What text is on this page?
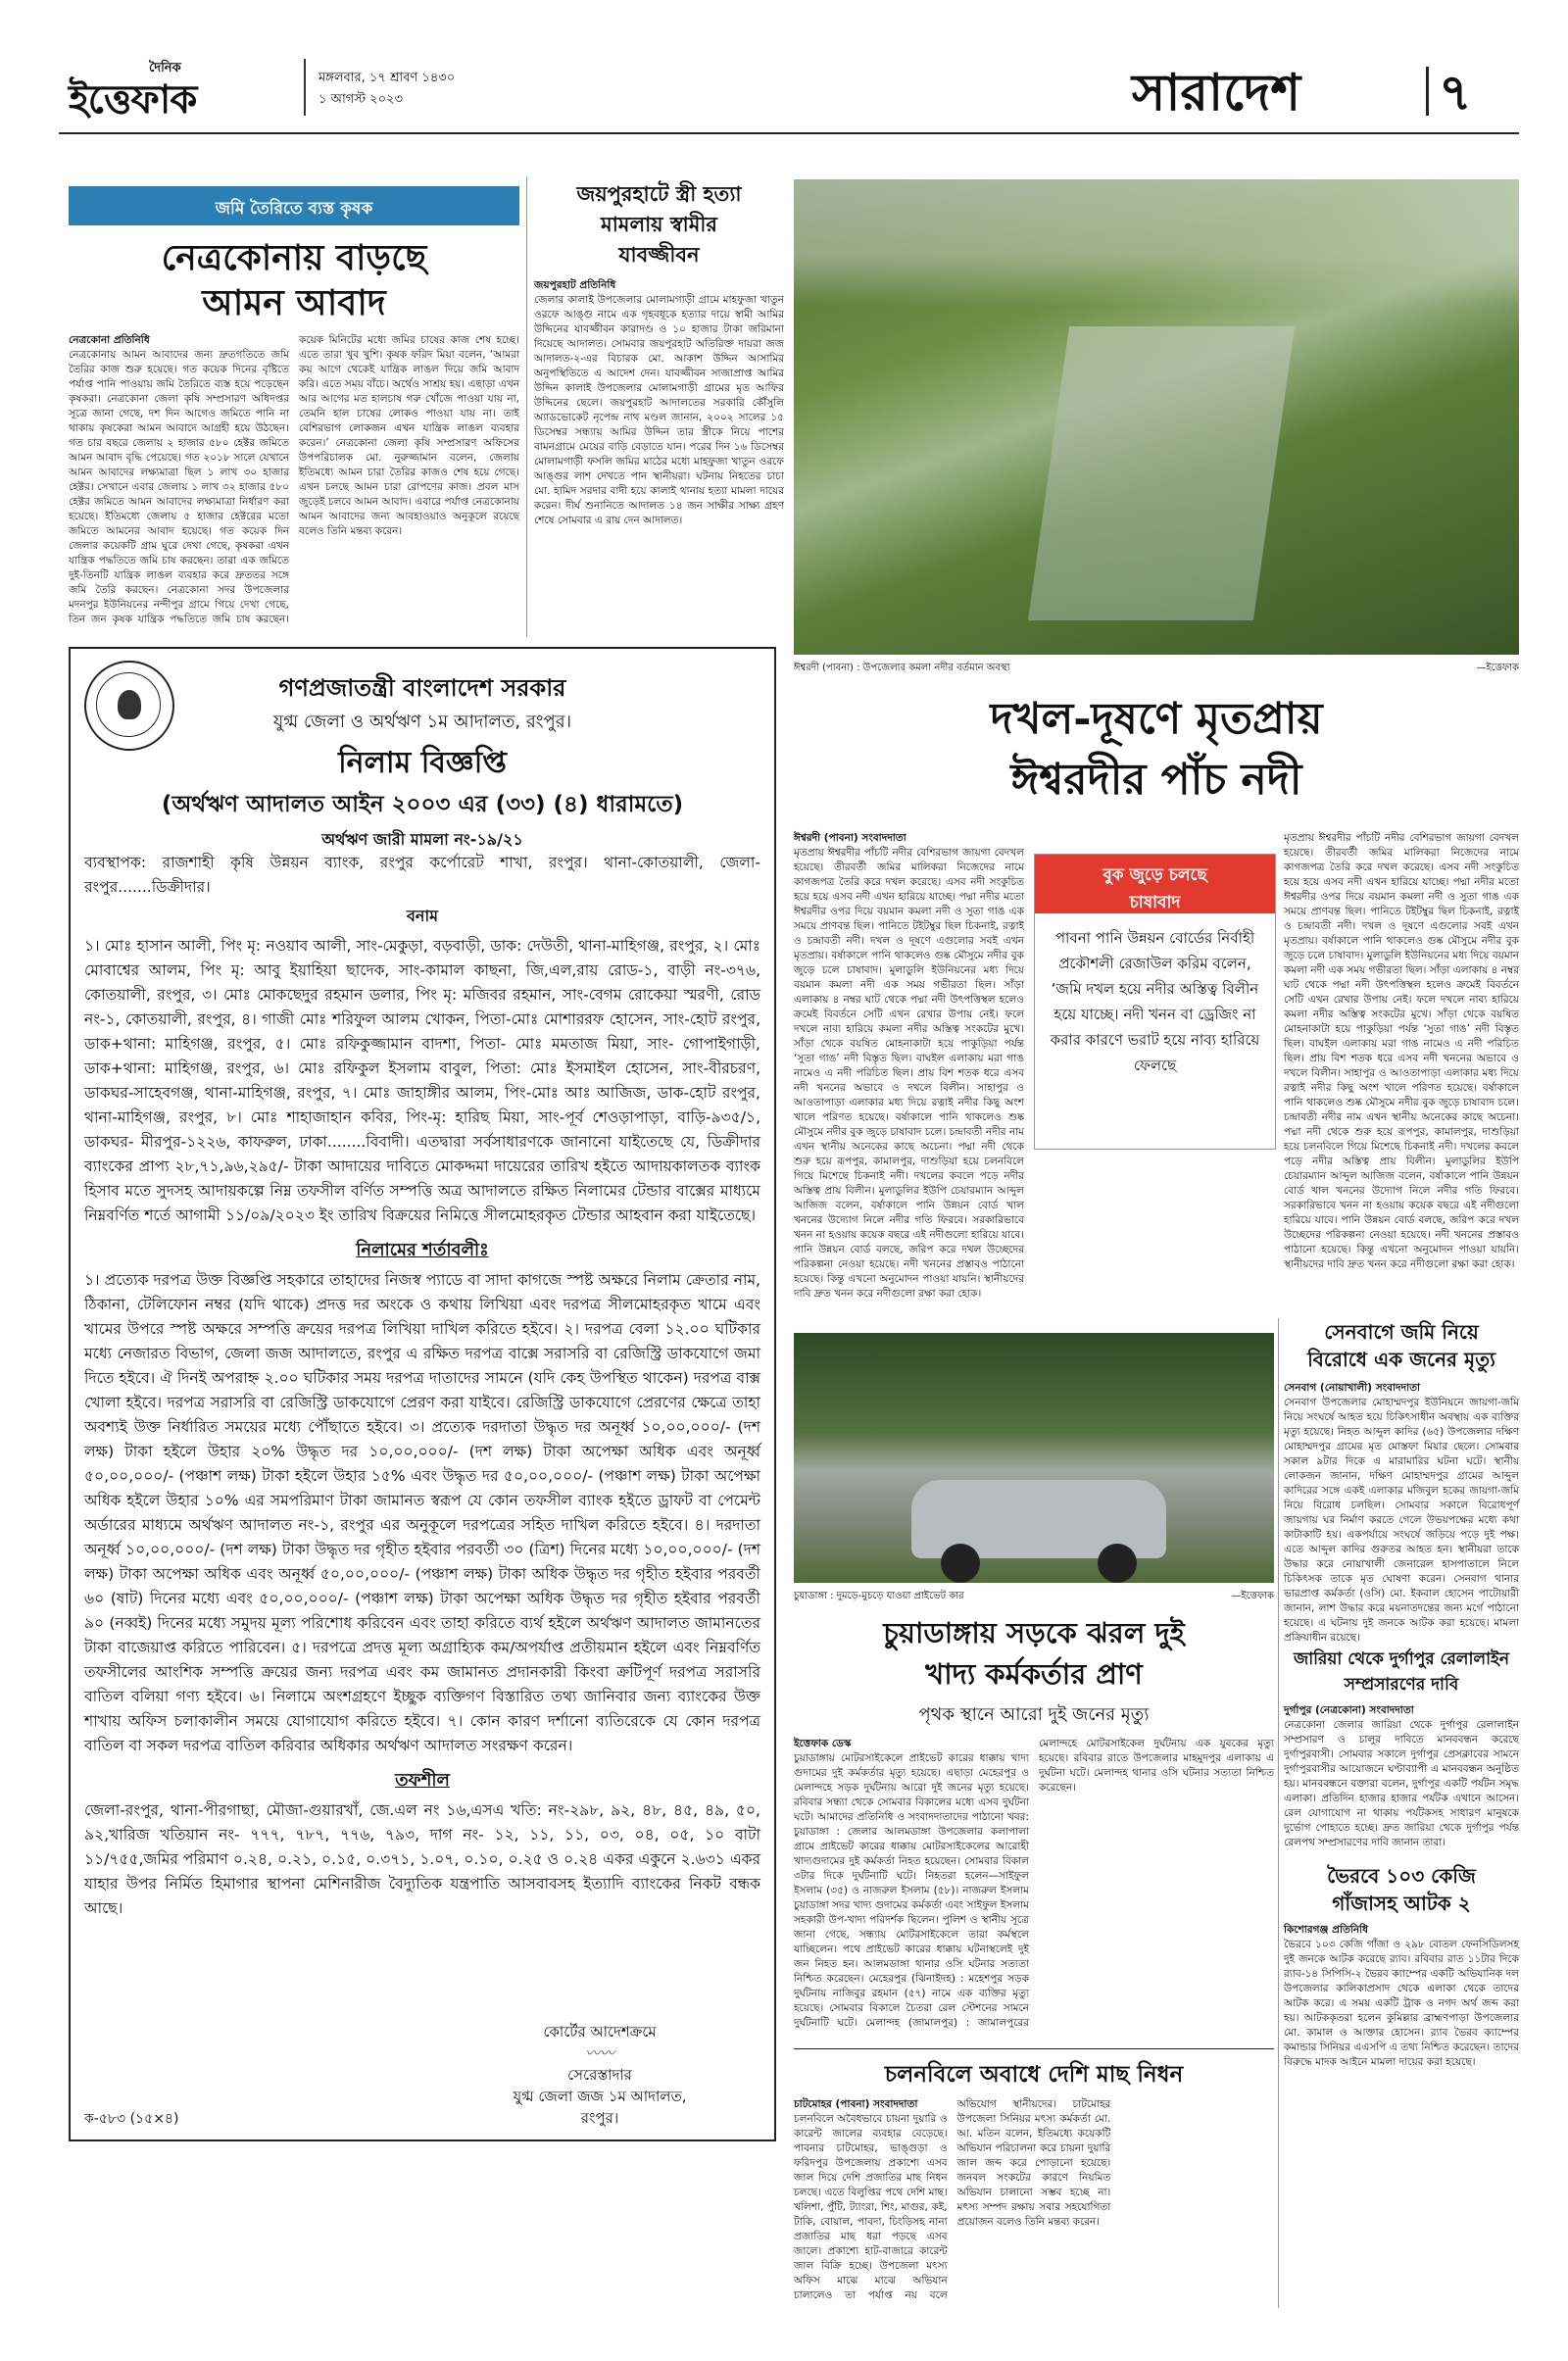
দৈনিক
ইত্তেফাক	মঙ্গলবার, ১৭ শ্রাবণ ১৪৩০
১ আগস্ট ২০২৩	সারাদেশ	৭
জমি তৈরিতে ব্যস্ত কৃষক
নেত্রকোনায় বাড়ছে
আমন আবাদ
নেত্রকোনা প্রতিনিধি
নেত্রকোনায় আমন আবাদের জন্য দ্রুতগতিতে জমি তৈরির কাজ শুরু হয়েছে। গত কয়েক দিনের বৃষ্টিতে পর্যাপ্ত পানি পাওয়ায় জমি তৈরিতে ব্যস্ত হয়ে পড়েছেন কৃষকরা। নেত্রকোনা জেলা কৃষি সম্প্রসারণ অধিদপ্তর সূত্রে জানা গেছে, দশ দিন আগেও জমিতে পানি না থাকায় কৃষকেরা আমন আবাদে আগ্রহী হয়ে উঠছেন। গত চার বছরে জেলায় ২ হাজার ৫৮০ হেক্টর জমিতে আমন আবাদ বৃদ্ধি পেয়েছে। গত ২০১৮ সালে যেখানে আমন আবাদের লক্ষ্যমাত্রা ছিল ১ লাখ ৩০ হাজার হেক্টর। সেখানে এবার জেলায় ১ লাখ ৩২ হাজার ৫৮০ হেক্টর জমিতে আমন আবাদের লক্ষ্যমাত্রা নির্ধারণ করা হয়েছে। ইতিমধ্যে জেলায় ৫ হাজার হেক্টরের মতো জমিতে আমনের আবাদ হয়েছে। গত কয়েক দিন জেলার কয়েকটি গ্রাম ঘুরে দেখা গেছে, কৃষকরা এখন যান্ত্রিক পদ্ধতিতে জমি চাষ করছেন। তারা এক জমিতে দুই-তিনটি যান্ত্রিক লাঙল ব্যবহার করে দ্রুততর সঙ্গে জমি তৈরি করছেন। নেত্রকোনা সদর উপজেলার মদনপুর ইউনিয়নের নন্দীপুর গ্রামে গিয়ে দেখা গেছে, তিন জন কৃষক যান্ত্রিক পদ্ধতিতে জমি চাষ করছেন। কয়েক মিনিটের মধ্যে জমির চাষের কাজ শেষ হচ্ছে। এতে তারা খুব খুশি। কৃষক ফরিদ মিয়া বলেন, ‘আমরা কয় আগে থেকেই যান্ত্রিক লাঙল দিয়ে জমি আবাদ করি। এতে সময় বাঁচে। অর্থেও সাশ্রয় হয়। এছাড়া এখন আর আগের মত হালচাষ গরু খোঁজে পাওয়া যায় না, তেমনি হাল চাষের লোকও পাওয়া যায় না। তাই বেশিরভাগ লোকজন এখন যান্ত্রিক লাঙল ব্যবহার করেন।’ নেত্রকোনা জেলা কৃষি সম্প্রসারণ অফিসের উপপরিচালক মো. নুরুজ্জামান বলেন, জেলায় ইতিমধ্যে আমন চারা তৈরির কাজও শেষ হয়ে গেছে। এখন চলছে আমন চারা রোপণের কাজ। প্রবল মাস জুড়েই চলবে আমন আবাদ। এবারে পর্যাপ্ত নেত্রকোনায় আমন আবাদের জন্য আবহাওয়াও অনুকূলে রয়েছে বলেও তিনি মন্তব্য করেন।
জয়পুরহাটে স্ত্রী হত্যা
মামলায় স্বামীর
যাবজ্জীবন
জয়পুরহাট প্রতিনিধি
জেলার কালাই উপজেলার মোলামগাড়ী গ্রামে মাহফুজা খাতুন ওরফে আঙ্গু নামে এক গৃহবধূকে হত্যার দায়ে স্বামী আমির উদ্দিনের যাবজ্জীবন কারাদণ্ড ও ১০ হাজার টাকা জরিমানা দিয়েছে আদালত। সোমবার জয়পুরহাট অতিরিক্ত দায়রা জজ আদালত-২-এর বিচারক মো. আকাশ উদ্দিন আসামির অনুপস্থিতিতে এ আদেশ দেন। যাবজ্জীবন সাজাপ্রাপ্ত আমির উদ্দিন কালাই উপজেলার মোলামগাড়ী গ্রামের মৃত আফির উদ্দিনের ছেলে। জয়পুরহাট আদালতের সরকারি কৌঁসুলি অ্যাডভোকেট নৃপেন্দ্র নাথ মণ্ডল জানান, ২০০২ সালের ১৫ ডিসেম্বর সন্ধ্যায় আমির উদ্দিন তার স্ত্রীকে নিয়ে পাশের বামনগ্রামে মেয়ের বাড়ি বেড়াতে যান। পরের দিন ১৬ ডিসেম্বর মোলামগাড়ী ফসলি জমির মাঠের মধ্যে মাহফুজা খাতুন ওরফে আঙ্গুর লাশ দেখতে পান স্থানীয়রা। ঘটনায় নিহতের চাচা মো. হামিদ সরদার বাদী হয়ে কালাই থানায় হত্যা মামলা দায়ের করেন। দীর্ঘ শুনানিতে আদালত ১৪ জন সাক্ষীর সাক্ষ্য গ্রহণ শেষে সোমবার এ রায় দেন আদালত।
ঈশ্বরদী (পাবনা) : উপজেলার কমলা নদীর বর্তমান অবস্থা	—ইত্তেফাক
দখল-দূষণে মৃতপ্রায়
ঈশ্বরদীর পাঁচ নদী
ঈশ্বরদী (পাবনা) সংবাদদাতা
মৃতপ্রায় ঈশ্বরদীর পাঁচটি নদীর বেশিরভাগ জায়গা বেদখল হয়েছে। তীরবর্তী জমির মালিকরা নিজেদের নামে কাগজপত্র তৈরি করে দখল করেছে। এসব নদী সংকুচিত হয়ে হয়ে এসব নদী এখন হারিয়ে যাচ্ছে। পদ্মা নদীর মতো ঈশ্বরদীর ওপর দিয়ে বয়মান কমলা নদী ও সুতা গাঙ এক সময়ে প্রাণবন্ত ছিল। পানিতে টইটম্বুর ছিল চিকনাই, রত্নাই ও চন্দ্রাবতী নদী। দখল ও দূষণে এগুলোর সবই এখন মৃতপ্রায়। বর্ষাকালে পানি থাকলেও গুষ্ক মৌসুমে নদীর বুক জুড়ে চলে চাষাবাদ। মুলাডুলি ইউনিয়নের মধ্য দিয়ে বয়মান কমলা নদী এক সময় গভীরতা ছিল। সাঁড়া এলাকায় ৪ নম্বর ঘাট থেকে পদ্মা নদী উৎপত্তিস্থল হলেও ক্রমেই বিবর্তনে সেটি এখন রেখার উপায় নেই। ফলে দখলে নাব্য হারিয়ে কমলা নদীর অস্তিত্ব সংকটের মুখে। সাঁড়া থেকে বয়ষিত মোহনাকাটা হয়ে পাকুড়িয়া পর্যন্ত ‘সুতা গাঙ’ নদী বিস্তৃত ছিল। বাঘইল এলাকায় মরা গাঙ নামেও এ নদী পরিচিত ছিল। প্রায় বিশ শতক ধরে এসব নদী খননের অভাবে ও দখলে বিলীন। সাহাপুর ও আওতাপাড়া এলাকার মধ্য দিয়ে রত্নাই নদীর কিছু অংশ খালে পরিণত হয়েছে। বর্ষাকালে পানি থাকলেও শুষ্ক মৌসুমে নদীর বুক জুড়ে চাষাবাদ চলে। চন্দ্রাবতী নদীর নাম এখন স্থানীয় অনেকের কাছে অচেনা। পদ্মা নদী থেকে শুরু হয়ে রূপপুর, কামালপুর, দাশুড়িয়া হয়ে চলনবিলে গিয়ে মিশেছে চিকনাই নদী। দখলের কবলে পড়ে নদীর অস্তিত্ব প্রায় বিলীন। মুলাডুলির ইউপি চেয়ারম্যান আব্দুল আজিজ বলেন, বর্ষাকালে পানি উন্নয়ন বোর্ড খাল খননের উদ্যোগ নিলে নদীর গতি ফিরবে। সরকারিভাবে খনন না হওয়ায় কয়েক বছরে এই নদীগুলো হারিয়ে যাবে। পানি উন্নয়ন বোর্ড বলছে, জরিপ করে দখল উচ্ছেদের পরিকল্পনা নেওয়া হয়েছে। নদী খননের প্রস্তাবও পাঠানো হয়েছে। কিন্তু এখনো অনুমোদন পাওয়া যায়নি। স্থানীয়দের দাবি দ্রুত খনন করে নদীগুলো রক্ষা করা হোক।
বুক জুড়ে চলছে
চাষাবাদ
পাবনা পানি উন্নয়ন বোর্ডের নির্বাহী প্রকৌশলী রেজাউল করিম বলেন, ‘জমি দখল হয়ে নদীর অস্তিত্ব বিলীন হয়ে যাচ্ছে। নদী খনন বা ড্রেজিং না করার কারণে ভরাট হয়ে নাব্য হারিয়ে ফেলছে
মৃতপ্রায় ঈশ্বরদীর পাঁচটি নদীর বেশিরভাগ জায়গা বেদখল হয়েছে। তীরবর্তী জমির মালিকরা নিজেদের নামে কাগজপত্র তৈরি করে দখল করেছে। এসব নদী সংকুচিত হয়ে হয়ে এসব নদী এখন হারিয়ে যাচ্ছে। পদ্মা নদীর মতো ঈশ্বরদীর ওপর দিয়ে বয়মান কমলা নদী ও সুতা গাঙ এক সময়ে প্রাণবন্ত ছিল। পানিতে টইটম্বুর ছিল চিকনাই, রত্নাই ও চন্দ্রাবতী নদী। দখল ও দূষণে এগুলোর সবই এখন মৃতপ্রায়। বর্ষাকালে পানি থাকলেও গুষ্ক মৌসুমে নদীর বুক জুড়ে চলে চাষাবাদ। মুলাডুলি ইউনিয়নের মধ্য দিয়ে বয়মান কমলা নদী এক সময় গভীরতা ছিল। সাঁড়া এলাকায় ৪ নম্বর ঘাট থেকে পদ্মা নদী উৎপত্তিস্থল হলেও ক্রমেই বিবর্তনে সেটি এখন রেখার উপায় নেই। ফলে দখলে নাব্য হারিয়ে কমলা নদীর অস্তিত্ব সংকটের মুখে। সাঁড়া থেকে বয়ষিত মোহনাকাটা হয়ে পাকুড়িয়া পর্যন্ত ‘সুতা গাঙ’ নদী বিস্তৃত ছিল। বাঘইল এলাকায় মরা গাঙ নামেও এ নদী পরিচিত ছিল। প্রায় বিশ শতক ধরে এসব নদী খননের অভাবে ও দখলে বিলীন। সাহাপুর ও আওতাপাড়া এলাকার মধ্য দিয়ে রত্নাই নদীর কিছু অংশ খালে পরিণত হয়েছে। বর্ষাকালে পানি থাকলেও শুষ্ক মৌসুমে নদীর বুক জুড়ে চাষাবাদ চলে। চন্দ্রাবতী নদীর নাম এখন স্থানীয় অনেকের কাছে অচেনা। পদ্মা নদী থেকে শুরু হয়ে রূপপুর, কামালপুর, দাশুড়িয়া হয়ে চলনবিলে গিয়ে মিশেছে চিকনাই নদী। দখলের কবলে পড়ে নদীর অস্তিত্ব প্রায় বিলীন। মুলাডুলির ইউপি চেয়ারম্যান আব্দুল আজিজ বলেন, বর্ষাকালে পানি উন্নয়ন বোর্ড খাল খননের উদ্যোগ নিলে নদীর গতি ফিরবে। সরকারিভাবে খনন না হওয়ায় কয়েক বছরে এই নদীগুলো হারিয়ে যাবে। পানি উন্নয়ন বোর্ড বলছে, জরিপ করে দখল উচ্ছেদের পরিকল্পনা নেওয়া হয়েছে। নদী খননের প্রস্তাবও পাঠানো হয়েছে। কিন্তু এখনো অনুমোদন পাওয়া যায়নি। স্থানীয়দের দাবি দ্রুত খনন করে নদীগুলো রক্ষা করা হোক।
গণপ্রজাতন্ত্রী বাংলাদেশ সরকার
যুগ্ম জেলা ও অর্থঋণ ১ম আদালত, রংপুর।
নিলাম বিজ্ঞপ্তি
(অর্থঋণ আদালত আইন ২০০৩ এর (৩৩) (৪) ধারামতে)
অর্থঋণ জারী মামলা নং-১৯/২১

ব্যবস্থাপক: রাজশাহী কৃষি উন্নয়ন ব্যাংক, রংপুর কর্পোরেট শাখা, রংপুর। থানা-কোতয়ালী, জেলা-রংপুর.......ডিক্রীদার।

বনাম

১। মোঃ হাসান আলী, পিং মৃ: নওয়াব আলী, সাং-মেকুড়া, বড়বাড়ী, ডাক: দেউতী, থানা-মাহিগঞ্জ, রংপুর, ২। মোঃ মোবাশ্বের আলম, পিং মৃ: আবু ইয়াহিয়া ছাদেক, সাং-কামাল কাছনা, জি,এল,রায় রোড-১, বাড়ী নং-৩৭৬, কোতয়ালী, রংপুর, ৩। মোঃ মোকছেদুর রহমান ডলার, পিং মৃ: মজিবর রহমান, সাং-বেগম রোকেয়া স্মরণী, রোড নং-১, কোতয়ালী, রংপুর, ৪। গাজী মোঃ শরিফুল আলম খোকন, পিতা-মোঃ মোশাররফ হোসেন, সাং-হোট রংপুর, ডাক+থানা: মাহিগঞ্জ, রংপুর, ৫। মোঃ রফিকুজ্জামান বাদশা, পিতা- মোঃ মমতাজ মিয়া, সাং- গোপাইগাড়ী, ডাক+থানা: মাহিগঞ্জ, রংপুর, ৬। মোঃ রফিকুল ইসলাম বাবুল, পিতা: মোঃ ইসমাইল হোসেন, সাং-বীরচরণ, ডাকঘর-সাহেবগঞ্জ, থানা-মাহিগঞ্জ, রংপুর, ৭। মোঃ জাহাঙ্গীর আলম, পিং-মোঃ আঃ আজিজ, ডাক-হোট রংপুর, থানা-মাহিগঞ্জ, রংপুর, ৮। মোঃ শাহাজাহান কবির, পিং-মৃ: হারিছ মিয়া, সাং-পূর্ব শেওড়াপাড়া, বাড়ি-৯৩৫/১, ডাকঘর- মীরপুর-১২২৬, কাফরুল, ঢাকা........বিবাদী। এতদ্বারা সর্বসাধারণকে জানানো যাইতেছে যে, ডিক্রীদার ব্যাংকের প্রাপ্য ২৮,৭১,৯৬,২৯৫/- টাকা আদায়ের দাবিতে মোকদ্দমা দায়েরের তারিখ হইতে আদায়কালতক ব্যাংক হিসাব মতে সুদসহ আদায়কল্পে নিম্ন তফসীল বর্ণিত সম্পত্তি অত্র আদালতে রক্ষিত নিলামের টেন্ডার বাক্সের মাধ্যমে নিম্নবর্ণিত শর্তে আগামী ১১/০৯/২০২৩ ইং তারিখ বিক্রয়ের নিমিত্তে সীলমোহরকৃত টেন্ডার আহবান করা যাইতেছে।

নিলামের শর্তাবলীঃ

১। প্রত্যেক দরপত্র উক্ত বিজ্ঞপ্তি সহকারে তাহাদের নিজস্ব প্যাডে বা সাদা কাগজে স্পষ্ট অক্ষরে নিলাম ক্রেতার নাম, ঠিকানা, টেলিফোন নম্বর (যদি থাকে) প্রদত্ত দর অংকে ও কথায় লিখিয়া এবং দরপত্র সীলমোহরকৃত খামে এবং খামের উপরে স্পষ্ট অক্ষরে সম্পত্তি ক্রয়ের দরপত্র লিখিয়া দাখিল করিতে হইবে। ২। দরপত্র বেলা ১২.০০ ঘটিকার মধ্যে নেজারত বিভাগ, জেলা জজ আদালতে, রংপুর এ রক্ষিত দরপত্র বাক্সে সরাসরি বা রেজিস্ট্রি ডাকযোগে জমা দিতে হইবে। ঐ দিনই অপরাহ্ন ২.০০ ঘটিকার সময় দরপত্র দাতাদের সামনে (যদি কেহ উপস্থিত থাকেন) দরপত্র বাক্স খোলা হইবে। দরপত্র সরাসরি বা রেজিস্ট্রি ডাকযোগে প্রেরণ করা যাইবে। রেজিস্ট্রি ডাকযোগে প্রেরণের ক্ষেত্রে তাহা অবশ্যই উক্ত নির্ধারিত সময়ের মধ্যে পৌঁছাতে হইবে। ৩। প্রত্যেক দরদাতা উদ্ধৃত দর অনূর্ধ্ব ১০,০০,০০০/- (দশ লক্ষ) টাকা হইলে উহার ২০% উদ্ধৃত দর ১০,০০,০০০/- (দশ লক্ষ) টাকা অপেক্ষা অধিক এবং অনূর্ধ্ব ৫০,০০,০০০/- (পঞ্চাশ লক্ষ) টাকা হইলে উহার ১৫% এবং উদ্ধৃত দর ৫০,০০,০০০/- (পঞ্চাশ লক্ষ) টাকা অপেক্ষা অধিক হইলে উহার ১০% এর সমপরিমাণ টাকা জামানত স্বরূপ যে কোন তফসীল ব্যাংক হইতে ড্রাফট বা পেমেন্ট অর্ডারের মাধ্যমে অর্থঋণ আদালত নং-১, রংপুর এর অনুকূলে দরপত্রের সহিত দাখিল করিতে হইবে। ৪। দরদাতা অনূর্ধ্ব ১০,০০,০০০/- (দশ লক্ষ) টাকা উদ্ধৃত দর গৃহীত হইবার পরবর্তী ৩০ (ত্রিশ) দিনের মধ্যে ১০,০০,০০০/- (দশ লক্ষ) টাকা অপেক্ষা অধিক এবং অনূর্ধ্ব ৫০,০০,০০০/- (পঞ্চাশ লক্ষ) টাকা অধিক উদ্ধৃত দর গৃহীত হইবার পরবর্তী ৬০ (ষাট) দিনের মধ্যে এবং ৫০,০০,০০০/- (পঞ্চাশ লক্ষ) টাকা অপেক্ষা অধিক উদ্ধৃত দর গৃহীত হইবার পরবর্তী ৯০ (নব্বই) দিনের মধ্যে সমুদয় মূল্য পরিশোধ করিবেন এবং তাহা করিতে ব্যর্থ হইলে অর্থঋণ আদালত জামানতের টাকা বাজেয়াপ্ত করিতে পারিবেন। ৫। দরপত্রে প্রদত্ত মূল্য অগ্রাহ্যিক কম/অপর্যাপ্ত প্রতীয়মান হইলে এবং নিম্নবর্ণিত তফসীলের আংশিক সম্পত্তি ক্রয়ের জন্য দরপত্র এবং কম জামানত প্রদানকারী কিংবা ক্রটিপূর্ণ দরপত্র সরাসরি বাতিল বলিয়া গণ্য হইবে। ৬। নিলামে অংশগ্রহণে ইচ্ছুক ব্যক্তিগণ বিস্তারিত তথ্য জানিবার জন্য ব্যাংকের উক্ত শাখায় অফিস চলাকালীন সময়ে যোগাযোগ করিতে হইবে। ৭। কোন কারণ দর্শানো ব্যতিরেকে যে কোন দরপত্র বাতিল বা সকল দরপত্র বাতিল করিবার অধিকার অর্থঋণ আদালত সংরক্ষণ করেন।

তফশীল

জেলা-রংপুর, থানা-পীরগাছা, মৌজা-গুয়ারখাঁ, জে.এল নং ১৬,এসএ খতি: নং-২৯৮, ৯২, ৪৮, ৪৫, ৪৯, ৫০, ৯২,খারিজ খতিয়ান নং- ৭৭৭, ৭৮৭, ৭৭৬, ৭৯৩, দাগ নং- ১২, ১১, ১১, ০৩, ০৪, ০৫, ১০ বাটা ১১/৭৫৫,জমির পরিমাণ ০.২৪, ০.২১, ০.১৫, ০.৩৭১, ১.০৭, ০.১০, ০.২৫ ও ০.২৪ একর একুনে ২.৬৩১ একর যাহার উপর নির্মিত হিমাগার স্থাপনা মেশিনারীজ বৈদ্যুতিক যন্ত্রপাতি আসবাবসহ ইত্যাদি ব্যাংকের নিকট বন্ধক আছে।

কোর্টের আদেশক্রমে
〰〰
সেরেস্তাদার
যুগ্ম জেলা জজ ১ম আদালত,
রংপুর।
ক-৫৮৩ (১৫×৪)
সেনবাগে জমি নিয়ে
বিরোধে এক জনের মৃত্যু
সেনবাগ (নোয়াখালী) সংবাদদাতা
সেনবাগ উপজেলার মোহাম্মদপুর ইউনিয়নে জায়গা-জমি নিয়ে সংঘর্ষে আহত হয়ে চিকিৎসাধীন অবস্থায় এক ব্যক্তির মৃত্যু হয়েছে। নিহত আব্দুল কাদির (৬৫) উপজেলার দক্ষিণ মোহাম্মদপুর গ্রামের মৃত মোস্তফা মিয়ার ছেলে। সোমবার সকাল ৯টার দিকে এ মারামারির ঘটনা ঘটে। স্থানীয় লোকজন জানান, দক্ষিণ মোহাম্মদপুর গ্রামের আব্দুল কাদিরের সঙ্গে একই এলাকার মজিবুল হকের জায়গা-জমি নিয়ে বিরোধ চলছিল। সোমবার সকালে বিরোধপূর্ণ জায়গায় ঘর নির্মাণ করতে গেলে উভয়পক্ষের মধ্যে কথা কাটাকাটি হয়। একপর্যায়ে সংঘর্ষে জড়িয়ে পড়ে দুই পক্ষ। এতে আব্দুল কাদির গুরুতর আহত হন। স্থানীয়রা তাকে উদ্ধার করে নোয়াখালী জেনারেল হাসপাতালে নিলে চিকিৎসক তাকে মৃত ঘোষণা করেন। সেনবাগ থানার ভারপ্রাপ্ত কর্মকর্তা (ওসি) মো. ইকবাল হোসেন পাটোয়ারী জানান, লাশ উদ্ধার করে ময়নাতদন্তের জন্য মর্গে পাঠানো হয়েছে। এ ঘটনায় দুই জনকে আটক করা হয়েছে। মামলা প্রক্রিয়াধীন রয়েছে।
জারিয়া থেকে দুর্গাপুর রেলালাইন
সম্প্রসারণের দাবি
দুর্গাপুর (নেত্রকোনা) সংবাদদাতা
নেত্রকোনা জেলার জারিয়া থেকে দুর্গাপুর রেলালাইন সম্প্রসারণ ও চালুর দাবিতে মানববন্ধন করেছে দুর্গাপুরবাসী। সোমবার সকালে দুর্গাপুর প্রেসক্লাবের সামনে দুর্গাপুরবাসীর আয়োজনে ঘণ্টাব্যাপী এ মানববন্ধন অনুষ্ঠিত হয়। মানববন্ধনে বক্তারা বলেন, দুর্গাপুর একটি পর্যটন সমৃদ্ধ এলাকা। প্রতিদিন হাজার হাজার পর্যটক এখানে আসেন। রেল যোগাযোগ না থাকায় পর্যটকসহ সাধারণ মানুষকে দুর্ভোগ পোহাতে হচ্ছে। দ্রুত জারিয়া থেকে দুর্গাপুর পর্যন্ত রেলপথ সম্প্রসারণের দাবি জানান তারা।
ভৈরবে ১০৩ কেজি
গাঁজাসহ আটক ২
কিশোরগঞ্জ প্রতিনিধি
ভৈরবে ১০৩ কেজি গাঁজা ও ২৯৮ বোতল ফেনসিডিলসহ দুই জনকে আটক করেছে র‌্যাব। রবিবার রাত ১১টার দিকে র‌্যাব-১৪ সিপিসি-২ ভৈরব ক্যাম্পের একটি অভিযানিক দল উপজেলার কালিকাপ্রসাদ থেকে এলাকা থেকে তাদের আটক করে। এ সময় একটি ট্রাক ও নগদ অর্থ জব্দ করা হয়। আটককৃতরা হলেন কুমিল্লার ব্রাহ্মণপাড়া উপজেলার মো. কামাল ও আক্তার হোসেন। র‌্যাব ভৈরব ক্যাম্পের কমান্ডার সিনিয়র এএসপি এ তথ্য নিশ্চিত করেছেন। তাদের বিরুদ্ধে মাদক আইনে মামলা দায়ের করা হয়েছে।
চুয়াডাঙ্গা : দুমড়ে-মুচড়ে যাওয়া প্রাইভেট কার	—ইত্তেফাক
চুয়াডাঙ্গায় সড়কে ঝরল দুই
খাদ্য কর্মকর্তার প্রাণ
পৃথক স্থানে আরো দুই জনের মৃত্যু
ইত্তেফাক ডেস্ক
চুয়াডাঙ্গায় মোটরসাইকেলে প্রাইভেট কারের ধাক্কায় খাদ্য গুদামের দুই কর্মকর্তার মৃত্যু হয়েছে। এছাড়া মেহেরপুর ও মেলান্দহে সড়ক দুর্ঘটনায় আরো দুই জনের মৃত্যু হয়েছে। রবিবার সন্ধ্যা থেকে সোমবার বিকালের মধ্যে এসব দুর্ঘটনা ঘটে। আমাদের প্রতিনিধি ও সংবাদদাতাদের পাঠানো খবর: চুয়াডাঙ্গা : জেলার আলমডাঙ্গা উপজেলার কলাপালা গ্রামে প্রাইভেট কারের ধাক্কায় মোটরসাইকেলের আরোহী খাদ্যগুদামের দুই কর্মকর্তা নিহত হয়েছেন। সোমবার বিকাল ৩টার দিকে দুর্ঘটনাটি ঘটে। নিহতরা হলেন—সাইফুল ইসলাম (৩৫) ও নাজরুল ইসলাম (৫৮)। নাজরুল ইসলাম চুয়াডাঙ্গা সদর খাদ্য গুদামের কর্মকর্তা এবং সাইফুল ইসলাম সহকারী উপ-খাদ্য পরিদর্শক ছিলেন। পুলিশ ও স্থানীয় সূত্রে জানা গেছে, সন্ধ্যায় মোটরসাইকেলে তারা কর্মস্থলে যাচ্ছিলেন। পথে প্রাইভেট কারের ধাক্কায় ঘটনাস্থলেই দুই জন নিহত হন। আলমডাঙ্গা থানার ওসি ঘটনার সত্যতা নিশ্চিত করেছেন। মেহেরপুর (ঝিনাইদহ) : মহেশপুর সড়ক দুর্ঘটনায় নাজিবুর রহমান (৫৭) নামে এক ব্যক্তির মৃত্যু হয়েছে। সোমবার বিকালে চৈতরা রেল স্টেশনের সামনে দুর্ঘটনাটি ঘটে। মেলান্দহ (জামালপুর) : জামালপুরের মেলান্দহে মোটরসাইকেল দুর্ঘটনায় এক যুবকের মৃত্যু হয়েছে। রবিবার রাতে উপজেলার মাহমুদপুর এলাকায় এ দুর্ঘটনা ঘটে। মেলান্দহ থানার ওসি ঘটনার সত্যতা নিশ্চিত করেছেন।
চলনবিলে অবাধে দেশি মাছ নিধন
চাটমোহর (পাবনা) সংবাদদাতা
চলনবিলে অবৈধভাবে চায়না দুয়ারি ও কারেন্ট জালের ব্যবহার বেড়েছে। পাবনার চাটমোহর, ভাঙ্গুড়া ও ফরিদপুর উপজেলায় প্রকাশ্যে এসব জাল দিয়ে দেশি প্রজাতির মাছ নিধন চলছে। এতে বিলুপ্তির পথে দেশি মাছ। খলিশা, পুঁটি, ট্যাংরা, শিং, মাগুর, কই, টাকি, বোয়াল, পাবদা, চিংড়িসহ নানা প্রজাতির মাছ ধরা পড়ছে এসব জালে। প্রকাশ্যে হাট-বাজারে কারেন্ট জাল বিক্রি হচ্ছে। উপজেলা মৎস্য অফিস মাঝে মাঝে অভিযান চালালেও তা পর্যাপ্ত নয় বলে অভিযোগ স্থানীয়দের। চাটমোহর উপজেলা সিনিয়র মৎস্য কর্মকর্তা মো. আ. মতিন বলেন, ইতিমধ্যে কয়েকটি অভিযান পরিচালনা করে চায়না দুয়ারি জাল জব্দ করে পোড়ানো হয়েছে। জনবল সংকটের কারণে নিয়মিত অভিযান চালানো সম্ভব হচ্ছে না। মৎস্য সম্পদ রক্ষায় সবার সহযোগিতা প্রয়োজন বলেও তিনি মন্তব্য করেন।
